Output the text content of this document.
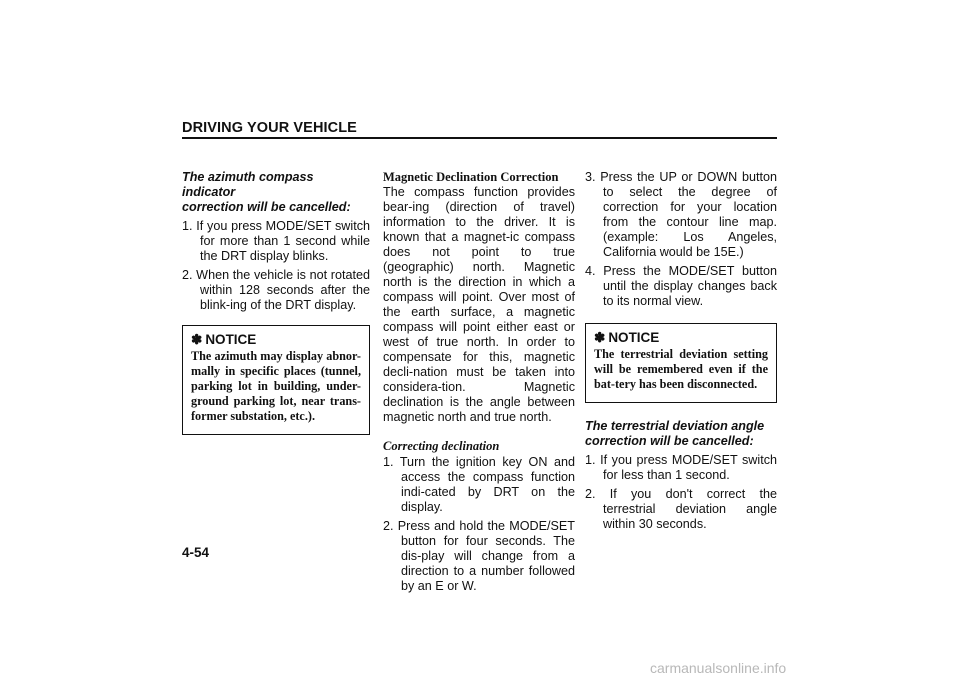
DRIVING YOUR VEHICLE
The azimuth compass indicator
correction will be cancelled:
1. If you press MODE/SET switch for more than 1 second while the DRT display blinks.
2. When the vehicle is not rotated within 128 seconds after the blink-ing of the DRT display.
✽ NOTICE
The azimuth may display abnor-mally in specific places (tunnel, parking lot in building, under-ground parking lot, near trans-former substation, etc.).
Magnetic Declination Correction

The compass function provides bear-ing (direction of travel) information to the driver. It is known that a magnet-ic compass does not point to true (geographic) north. Magnetic north is the direction in which a compass will point. Over most of the earth surface, a magnetic compass will point either east or west of true north. In order to compensate for this, magnetic decli-nation must be taken into considera-tion. Magnetic declination is the angle between magnetic north and true north.

Correcting declination
1. Turn the ignition key ON and access the compass function indi-cated by DRT on the display.
2. Press and hold the MODE/SET button for four seconds. The dis-play will change from a direction to a number followed by an E or W.
3. Press the UP or DOWN button to select the degree of correction for your location from the contour line map. (example: Los Angeles, California would be 15E.)
4. Press the MODE/SET button until the display changes back to its normal view.
✽ NOTICE
The terrestrial deviation setting will be remembered even if the bat-tery has been disconnected.
The terrestrial deviation angle
correction will be cancelled:
1. If you press MODE/SET switch for less than 1 second.
2. If you don't correct the terrestrial deviation angle within 30 seconds.
4-54
carmanualsonline.info
